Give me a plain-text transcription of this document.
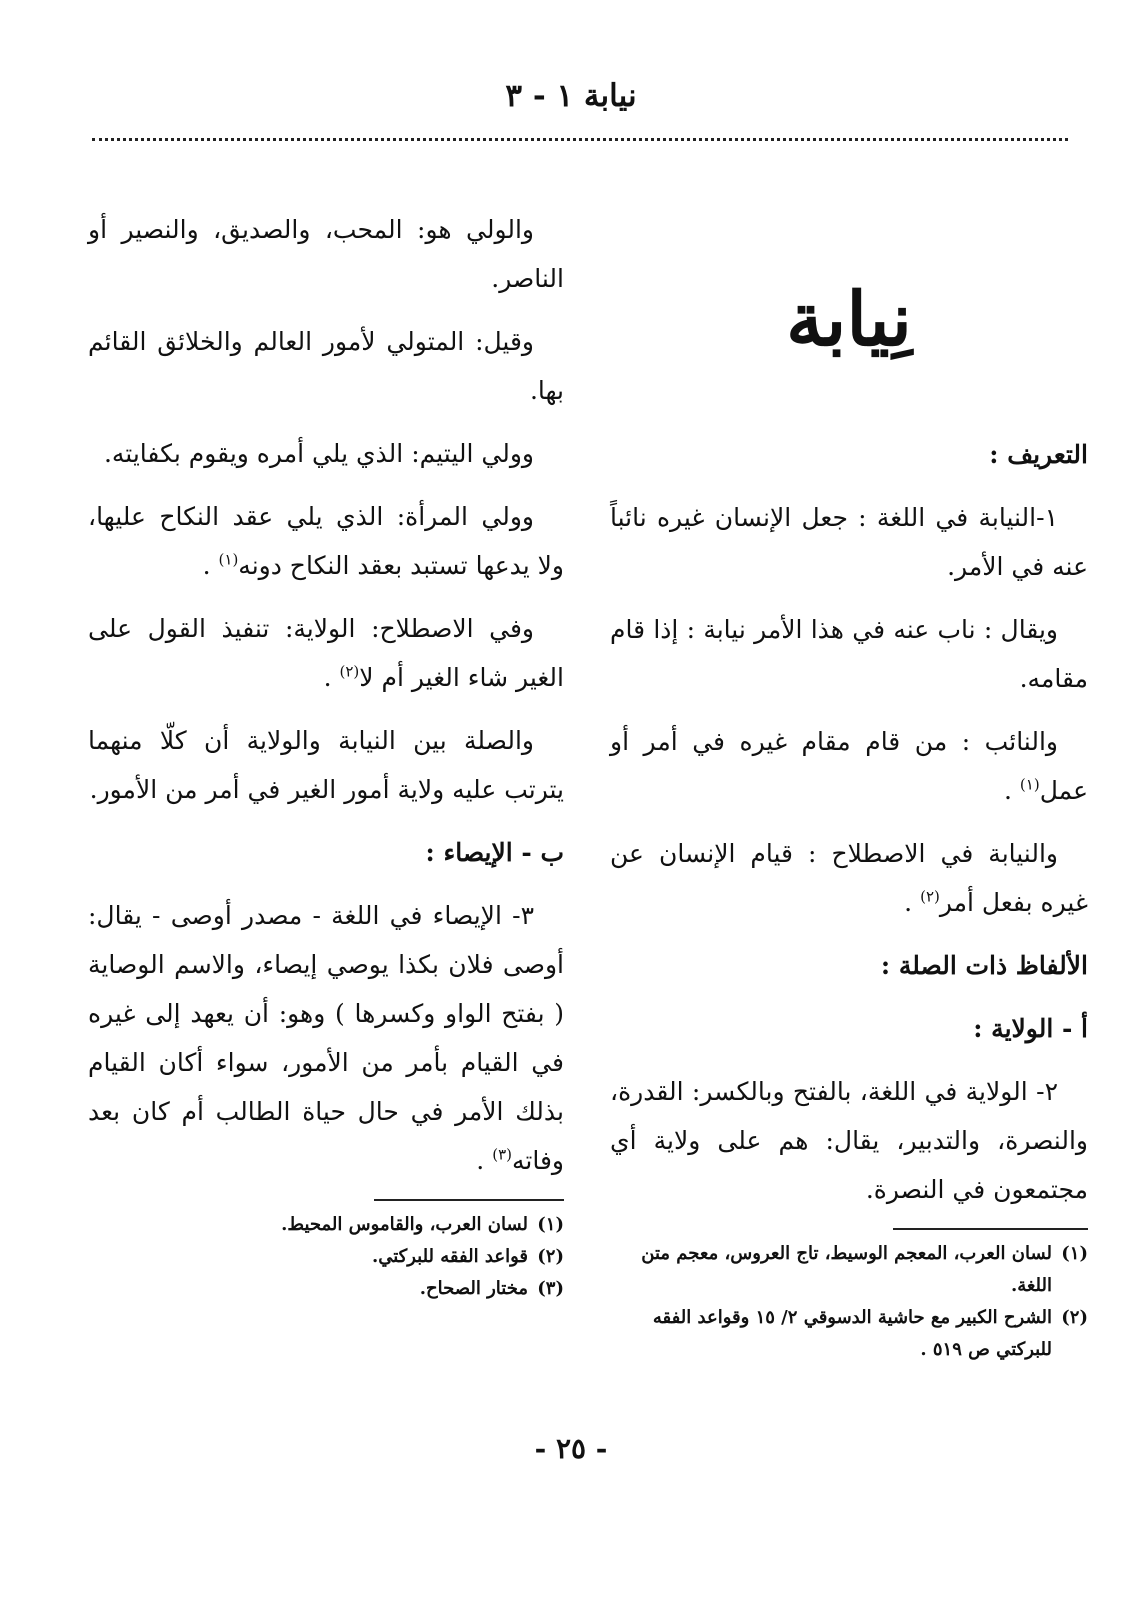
نيابة ١ - ٣
نِيابة
التعريف :

١-النيابة في اللغة : جعل الإنسان غيره نائباً عنه في الأمر.

ويقال : ناب عنه في هذا الأمر نيابة : إذا قام مقامه.

والنائب : من قام مقام غيره في أمر أو عمل$^{(١)}$ .

والنيابة في الاصطلاح : قيام الإنسان عن غيره بفعل أمر$^{(٢)}$ .

الألفاظ ذات الصلة :
أ - الولاية :

٢- الولاية في اللغة، بالفتح وبالكسر: القدرة، والنصرة، والتدبير، يقال: هم على ولاية أي مجتمعون في النصرة.

(١)
لسان العرب، المعجم الوسيط، تاج العروس، معجم متن اللغة.
(٢)
الشرح الكبير مع حاشية الدسوقي ٢/ ١٥ وقواعد الفقه للبركتي ص ٥١٩ .

والولي هو: المحب، والصديق، والنصير أو الناصر.

وقيل: المتولي لأمور العالم والخلائق القائم بها.

وولي اليتيم: الذي يلي أمره ويقوم بكفايته.

وولي المرأة: الذي يلي عقد النكاح عليها، ولا يدعها تستبد بعقد النكاح دونه$^{(١)}$ .

وفي الاصطلاح: الولاية: تنفيذ القول على الغير شاء الغير أم لا$^{(٢)}$ .

والصلة بين النيابة والولاية أن كلّا منهما يترتب عليه ولاية أمور الغير في أمر من الأمور.

ب - الإيصاء :

٣- الإيصاء في اللغة - مصدر أوصى - يقال: أوصى فلان بكذا يوصي إيصاء، والاسم الوصاية ( بفتح الواو وكسرها ) وهو: أن يعهد إلى غيره في القيام بأمر من الأمور، سواء أكان القيام بذلك الأمر في حال حياة الطالب أم كان بعد وفاته$^{(٣)}$ .

(١)
لسان العرب، والقاموس المحيط.
(٢)
قواعد الفقه للبركتي.
(٣)
مختار الصحاح.
- ٢٥ -
